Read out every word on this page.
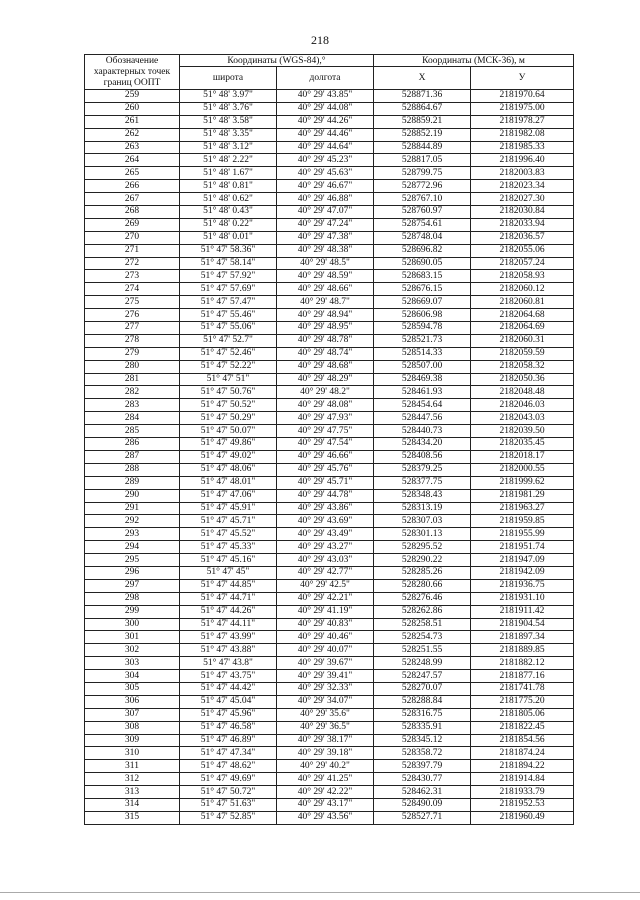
218
Обозначение характерных точек границ ООПТ	Координаты (WGS-84),°		Координаты (МСК-36), м	
	широта	долгота	X	У
259	51° 48' 3.97"	40° 29' 43.85"	528871.36	2181970.64
260	51° 48' 3.76"	40° 29' 44.08"	528864.67	2181975.00
261	51° 48' 3.58"	40° 29' 44.26"	528859.21	2181978.27
262	51° 48' 3.35"	40° 29' 44.46"	528852.19	2181982.08
263	51° 48' 3.12"	40° 29' 44.64"	528844.89	2181985.33
264	51° 48' 2.22"	40° 29' 45.23"	528817.05	2181996.40
265	51° 48' 1.67"	40° 29' 45.63"	528799.75	2182003.83
266	51° 48' 0.81"	40° 29' 46.67"	528772.96	2182023.34
267	51° 48' 0.62"	40° 29' 46.88"	528767.10	2182027.30
268	51° 48' 0.43"	40° 29' 47.07"	528760.97	2182030.84
269	51° 48' 0.22"	40° 29' 47.24"	528754.61	2182033.94
270	51° 48' 0.01"	40° 29' 47.38"	528748.04	2182036.57
271	51° 47' 58.36"	40° 29' 48.38"	528696.82	2182055.06
272	51° 47' 58.14"	40° 29' 48.5"	528690.05	2182057.24
273	51° 47' 57.92"	40° 29' 48.59"	528683.15	2182058.93
274	51° 47' 57.69"	40° 29' 48.66"	528676.15	2182060.12
275	51° 47' 57.47"	40° 29' 48.7"	528669.07	2182060.81
276	51° 47' 55.46"	40° 29' 48.94"	528606.98	2182064.68
277	51° 47' 55.06"	40° 29' 48.95"	528594.78	2182064.69
278	51° 47' 52.7"	40° 29' 48.78"	528521.73	2182060.31
279	51° 47' 52.46"	40° 29' 48.74"	528514.33	2182059.59
280	51° 47' 52.22"	40° 29' 48.68"	528507.00	2182058.32
281	51° 47' 51"	40° 29' 48.29"	528469.38	2182050.36
282	51° 47' 50.76"	40° 29' 48.2"	528461.93	2182048.48
283	51° 47' 50.52"	40° 29' 48.08"	528454.64	2182046.03
284	51° 47' 50.29"	40° 29' 47.93"	528447.56	2182043.03
285	51° 47' 50.07"	40° 29' 47.75"	528440.73	2182039.50
286	51° 47' 49.86"	40° 29' 47.54"	528434.20	2182035.45
287	51° 47' 49.02"	40° 29' 46.66"	528408.56	2182018.17
288	51° 47' 48.06"	40° 29' 45.76"	528379.25	2182000.55
289	51° 47' 48.01"	40° 29' 45.71"	528377.75	2181999.62
290	51° 47' 47.06"	40° 29' 44.78"	528348.43	2181981.29
291	51° 47' 45.91"	40° 29' 43.86"	528313.19	2181963.27
292	51° 47' 45.71"	40° 29' 43.69"	528307.03	2181959.85
293	51° 47' 45.52"	40° 29' 43.49"	528301.13	2181955.99
294	51° 47' 45.33"	40° 29' 43.27"	528295.52	2181951.74
295	51° 47' 45.16"	40° 29' 43.03"	528290.22	2181947.09
296	51° 47' 45"	40° 29' 42.77"	528285.26	2181942.09
297	51° 47' 44.85"	40° 29' 42.5"	528280.66	2181936.75
298	51° 47' 44.71"	40° 29' 42.21"	528276.46	2181931.10
299	51° 47' 44.26"	40° 29' 41.19"	528262.86	2181911.42
300	51° 47' 44.11"	40° 29' 40.83"	528258.51	2181904.54
301	51° 47' 43.99"	40° 29' 40.46"	528254.73	2181897.34
302	51° 47' 43.88"	40° 29' 40.07"	528251.55	2181889.85
303	51° 47' 43.8"	40° 29' 39.67"	528248.99	2181882.12
304	51° 47' 43.75"	40° 29' 39.41"	528247.57	2181877.16
305	51° 47' 44.42"	40° 29' 32.33"	528270.07	2181741.78
306	51° 47' 45.04"	40° 29' 34.07"	528288.84	2181775.20
307	51° 47' 45.96"	40° 29' 35.6"	528316.75	2181805.06
308	51° 47' 46.58"	40° 29' 36.5"	528335.91	2181822.45
309	51° 47' 46.89"	40° 29' 38.17"	528345.12	2181854.56
310	51° 47' 47.34"	40° 29' 39.18"	528358.72	2181874.24
311	51° 47' 48.62"	40° 29' 40.2"	528397.79	2181894.22
312	51° 47' 49.69"	40° 29' 41.25"	528430.77	2181914.84
313	51° 47' 50.72"	40° 29' 42.22"	528462.31	2181933.79
314	51° 47' 51.63"	40° 29' 43.17"	528490.09	2181952.53
315	51° 47' 52.85"	40° 29' 43.56"	528527.71	2181960.49
